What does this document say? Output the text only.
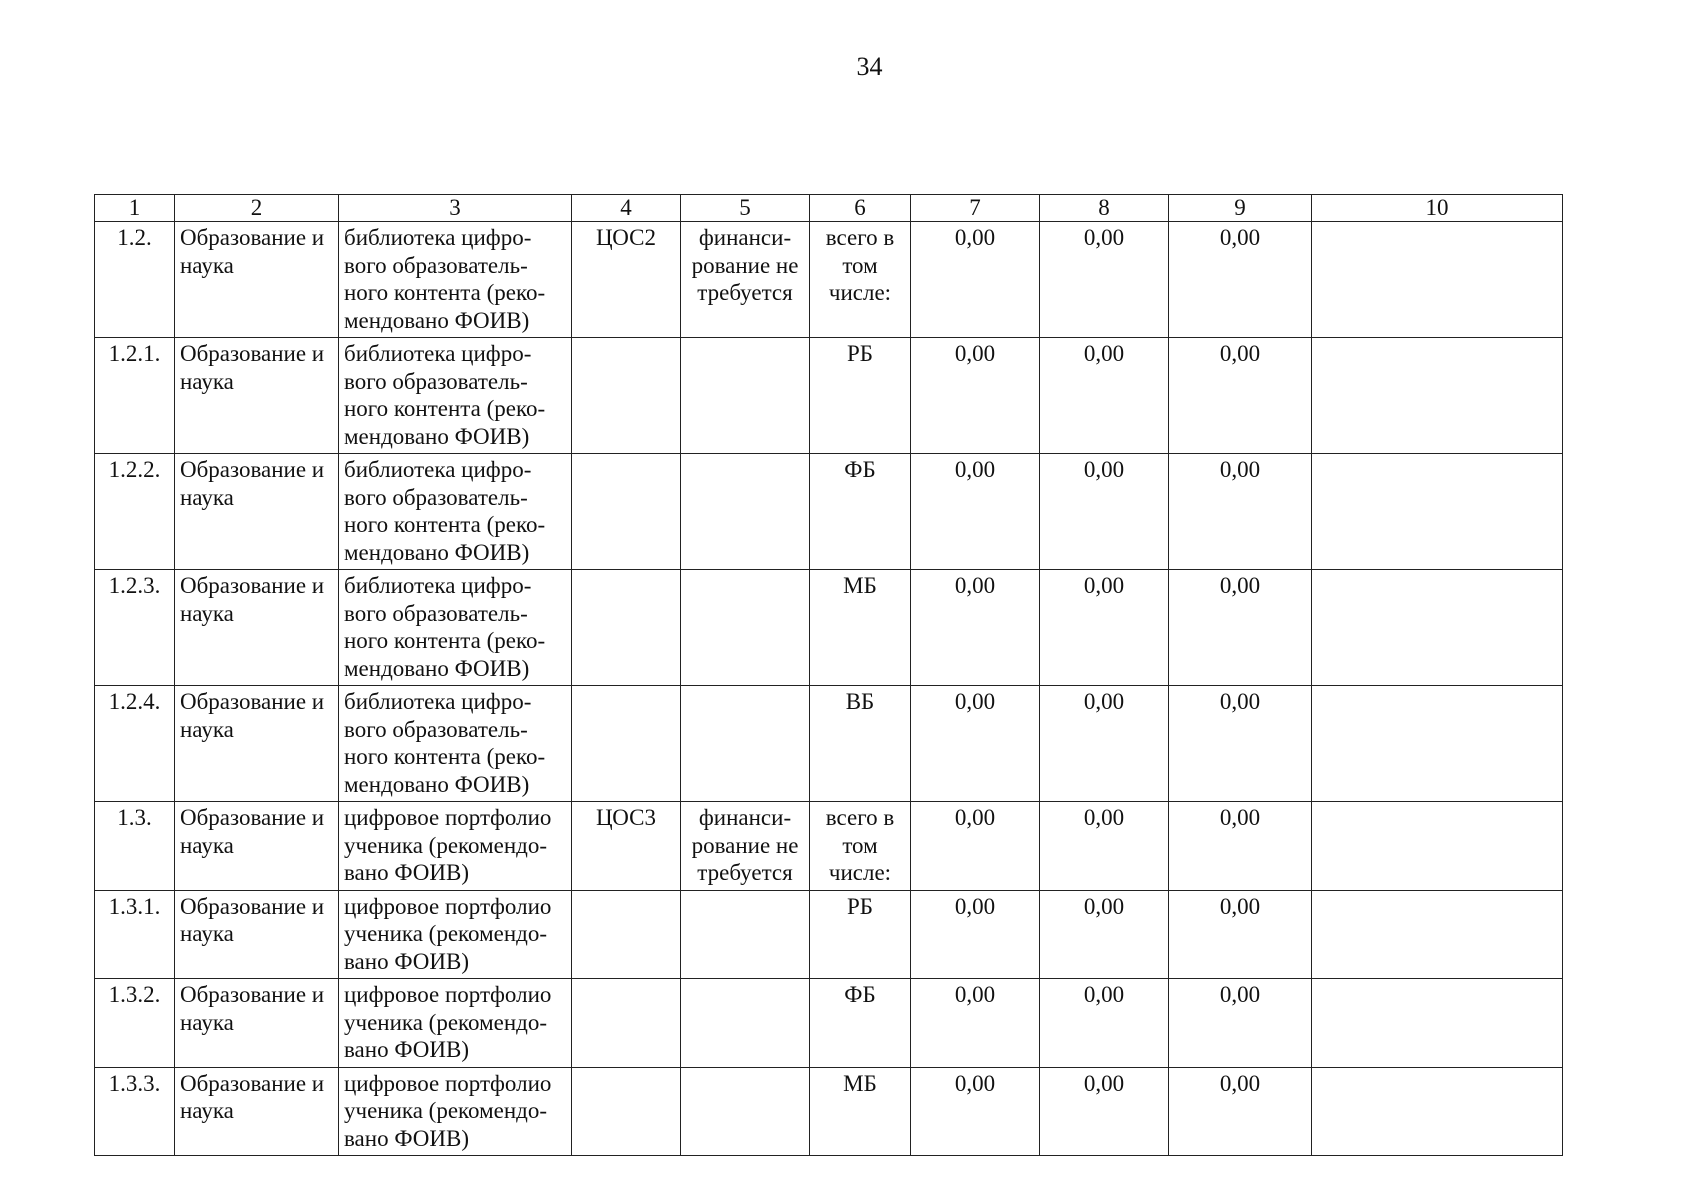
34
1	2	3	4	5	6	7	8	9	10
1.2.	Образование и наука	библиотека цифро-вого образователь-ного контента (реко-мендовано ФОИВ)	ЦОС2	финанси-рование не требуется	всего в том числе:	0,00	0,00	0,00	
1.2.1.	Образование и наука	библиотека цифро-вого образователь-ного контента (реко-мендовано ФОИВ)			РБ	0,00	0,00	0,00	
1.2.2.	Образование и наука	библиотека цифро-вого образователь-ного контента (реко-мендовано ФОИВ)			ФБ	0,00	0,00	0,00	
1.2.3.	Образование и наука	библиотека цифро-вого образователь-ного контента (реко-мендовано ФОИВ)			МБ	0,00	0,00	0,00	
1.2.4.	Образование и наука	библиотека цифро-вого образователь-ного контента (реко-мендовано ФОИВ)			ВБ	0,00	0,00	0,00	
1.3.	Образование и наука	цифровое портфолио ученика (рекомендо-вано ФОИВ)	ЦОС3	финанси-рование не требуется	всего в том числе:	0,00	0,00	0,00	
1.3.1.	Образование и наука	цифровое портфолио ученика (рекомендо-вано ФОИВ)			РБ	0,00	0,00	0,00	
1.3.2.	Образование и наука	цифровое портфолио ученика (рекомендо-вано ФОИВ)			ФБ	0,00	0,00	0,00	
1.3.3.	Образование и наука	цифровое портфолио ученика (рекомендо-вано ФОИВ)			МБ	0,00	0,00	0,00	
